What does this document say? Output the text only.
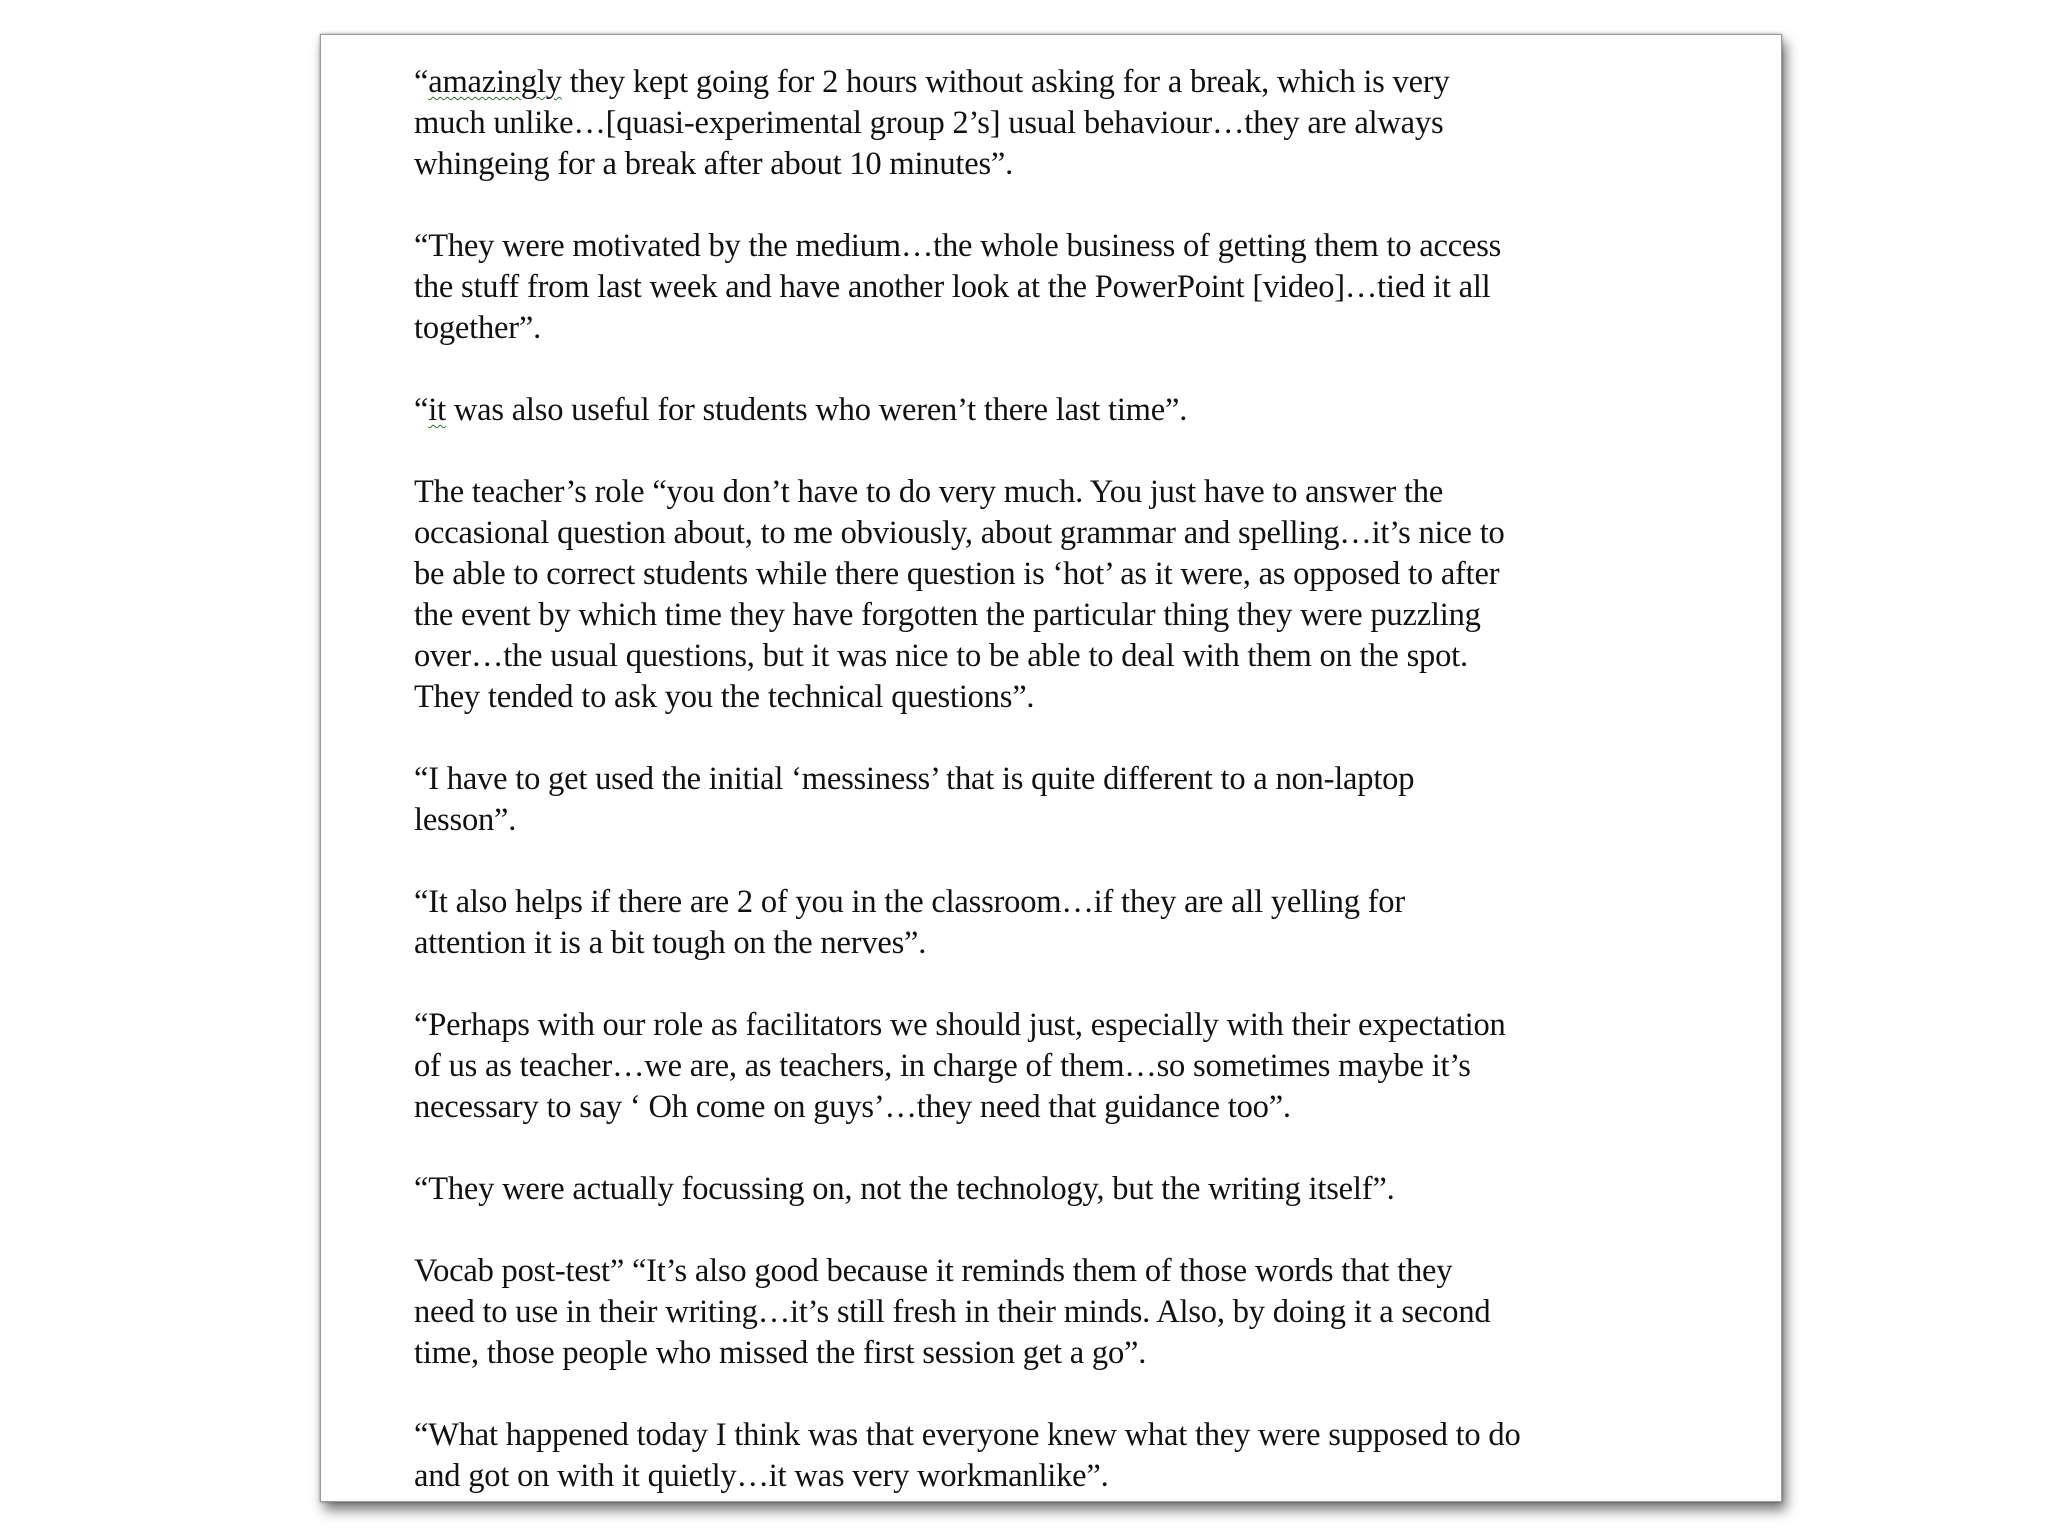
“amazingly they kept going for 2 hours without asking for a break, which is very
much unlike…[quasi-experimental group 2’s] usual behaviour…they are always
whingeing for a break after about 10 minutes”.

“They were motivated by the medium…the whole business of getting them to access
the stuff from last week and have another look at the PowerPoint [video]…tied it all
together”.

“it was also useful for students who weren’t there last time”.

The teacher’s role “you don’t have to do very much. You just have to answer the
occasional question about, to me obviously, about grammar and spelling…it’s nice to
be able to correct students while there question is ‘hot’ as it were, as opposed to after
the event by which time they have forgotten the particular thing they were puzzling
over…the usual questions, but it was nice to be able to deal with them on the spot.
They tended to ask you the technical questions”.

“I have to get used the initial ‘messiness’ that is quite different to a non-laptop
lesson”.

“It also helps if there are 2 of you in the classroom…if they are all yelling for
attention it is a bit tough on the nerves”.

“Perhaps with our role as facilitators we should just, especially with their expectation
of us as teacher…we are, as teachers, in charge of them…so sometimes maybe it’s
necessary to say ‘ Oh come on guys’…they need that guidance too”.

“They were actually focussing on, not the technology, but the writing itself”.

Vocab post-test” “It’s also good because it reminds them of those words that they
need to use in their writing…it’s still fresh in their minds. Also, by doing it a second
time, those people who missed the first session get a go”.

“What happened today I think was that everyone knew what they were supposed to do
and got on with it quietly…it was very workmanlike”.
